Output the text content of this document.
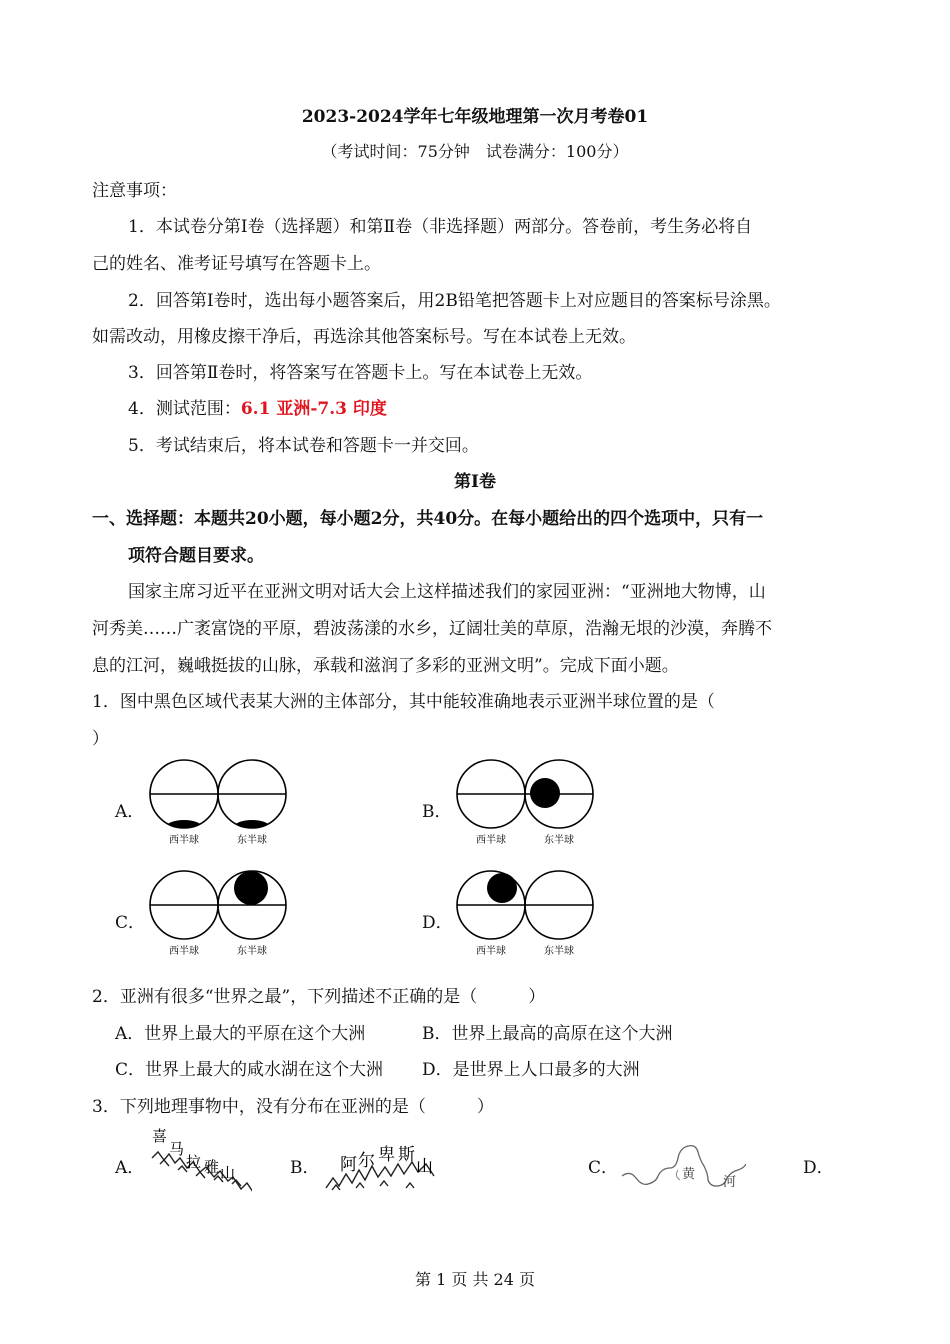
2023-2024学年七年级地理第一次月考卷01
（考试时间：75分钟　试卷满分：100分）
注意事项：
1．本试卷分第Ⅰ卷（选择题）和第Ⅱ卷（非选择题）两部分。答卷前，考生务必将自
己的姓名、准考证号填写在答题卡上。
2．回答第Ⅰ卷时，选出每小题答案后，用2B铅笔把答题卡上对应题目的答案标号涂黑。
如需改动，用橡皮擦干净后，再选涂其他答案标号。写在本试卷上无效。
3．回答第Ⅱ卷时，将答案写在答题卡上。写在本试卷上无效。
4．测试范围：6.1 亚洲-7.3 印度
5．考试结束后，将本试卷和答题卡一并交回。
第Ⅰ卷
一、选择题：本题共20小题，每小题2分，共40分。在每小题给出的四个选项中，只有一
项符合题目要求。
国家主席习近平在亚洲文明对话大会上这样描述我们的家园亚洲：“亚洲地大物博，山
河秀美……广袤富饶的平原，碧波荡漾的水乡，辽阔壮美的草原，浩瀚无垠的沙漠，奔腾不
息的江河，巍峨挺拔的山脉，承载和滋润了多彩的亚洲文明”。完成下面小题。
1．图中黑色区域代表某大洲的主体部分，其中能较准确地表示亚洲半球位置的是（
）
A．	B．
C．	D．
西半球	东半球	西半球	东半球
西半球	东半球	西半球	东半球
2．亚洲有很多“世界之最”，下列描述不正确的是（　　　）
A．世界上最大的平原在这个大洲	B．世界上最高的高原在这个大洲
C．世界上最大的咸水湖在这个大洲 D．是世界上人口最多的大洲
3．下列地理事物中，没有分布在亚洲的是（　　　）
A．	B．	C．	D．
喜
马
拉 雅 山	阿 尔 卑 斯
山	黄
河
第 1 页 共 24 页
